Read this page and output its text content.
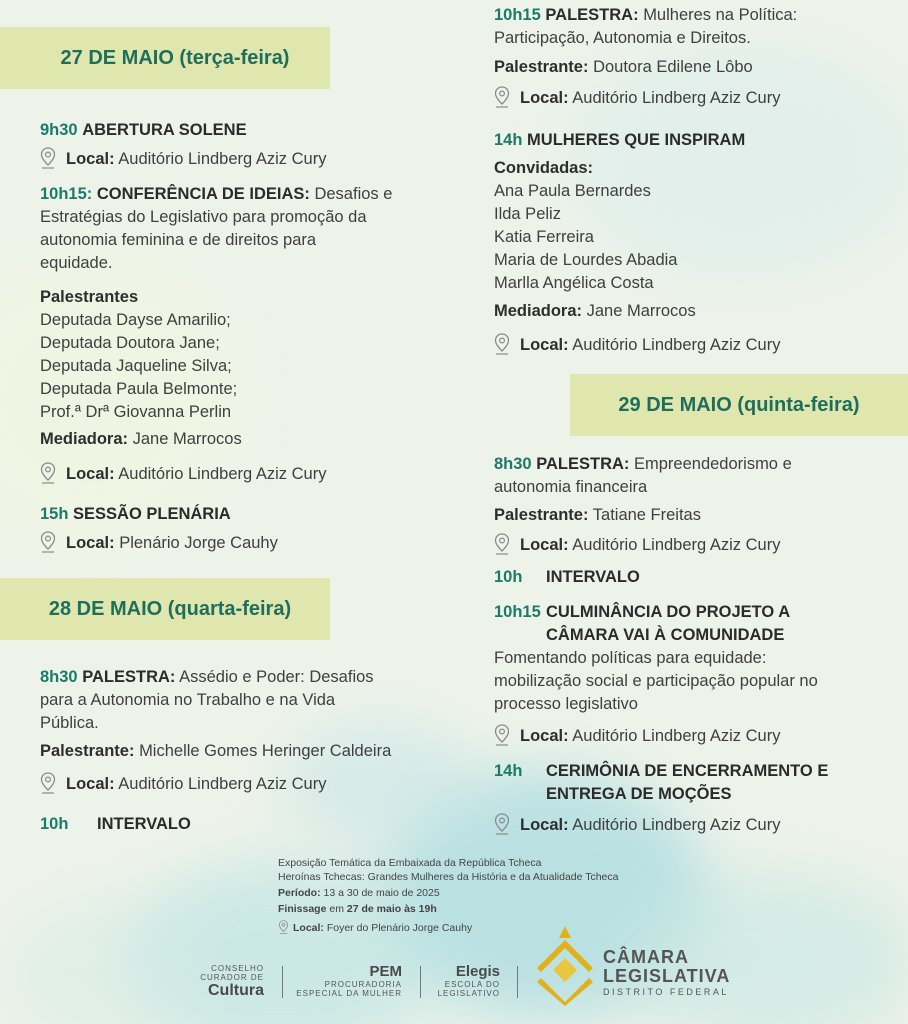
27 DE MAIO (terça-feira)
9h30 ABERTURA SOLENE
Local: Auditório Lindberg Aziz Cury
10h15: CONFERÊNCIA DE IDEIAS: Desafios e
Estratégias do Legislativo para promoção da
autonomia feminina e de direitos para
equidade.
Palestrantes
Deputada Dayse Amarilio;
Deputada Doutora Jane;
Deputada Jaqueline Silva;
Deputada Paula Belmonte;
Prof.ª Drª Giovanna Perlin
Mediadora: Jane Marrocos
Local: Auditório Lindberg Aziz Cury
15h SESSÃO PLENÁRIA
Local: Plenário Jorge Cauhy
28 DE MAIO (quarta-feira)
8h30 PALESTRA: Assédio e Poder: Desafios
para a Autonomia no Trabalho e na Vida
Pública.
Palestrante: Michelle Gomes Heringer Caldeira
Local: Auditório Lindberg Aziz Cury
10h INTERVALO
10h15 PALESTRA: Mulheres na Política:
Participação, Autonomia e Direitos.
Palestrante: Doutora Edilene Lôbo
Local: Auditório Lindberg Aziz Cury
14h MULHERES QUE INSPIRAM
Convidadas:
Ana Paula Bernardes
Ilda Peliz
Katia Ferreira
Maria de Lourdes Abadia
Marlla Angélica Costa
Mediadora: Jane Marrocos
Local: Auditório Lindberg Aziz Cury
29 DE MAIO (quinta-feira)
8h30 PALESTRA: Empreendedorismo e
autonomia financeira
Palestrante: Tatiane Freitas
Local: Auditório Lindberg Aziz Cury
10h INTERVALO
10h15 CULMINÂNCIA DO PROJETO A
CÂMARA VAI À COMUNIDADE
Fomentando políticas para equidade:
mobilização social e participação popular no
processo legislativo
Local: Auditório Lindberg Aziz Cury
14h CERIMÔNIA DE ENCERRAMENTO E
ENTREGA DE MOÇÕES
Local: Auditório Lindberg Aziz Cury
Exposição Temática da Embaixada da República Tcheca
Heroínas Tchecas: Grandes Mulheres da História e da Atualidade Tcheca
Período: 13 a 30 de maio de 2025
Finissage em 27 de maio às 19h
Local: Foyer do Plenário Jorge Cauhy
CONSELHO
CURADOR DE
Cultura
PEM
PROCURADORIA
ESPECIAL DA MULHER
Elegis
ESCOLA DO
LEGISLATIVO
CÂMARA
LEGISLATIVA
DISTRITO FEDERAL
